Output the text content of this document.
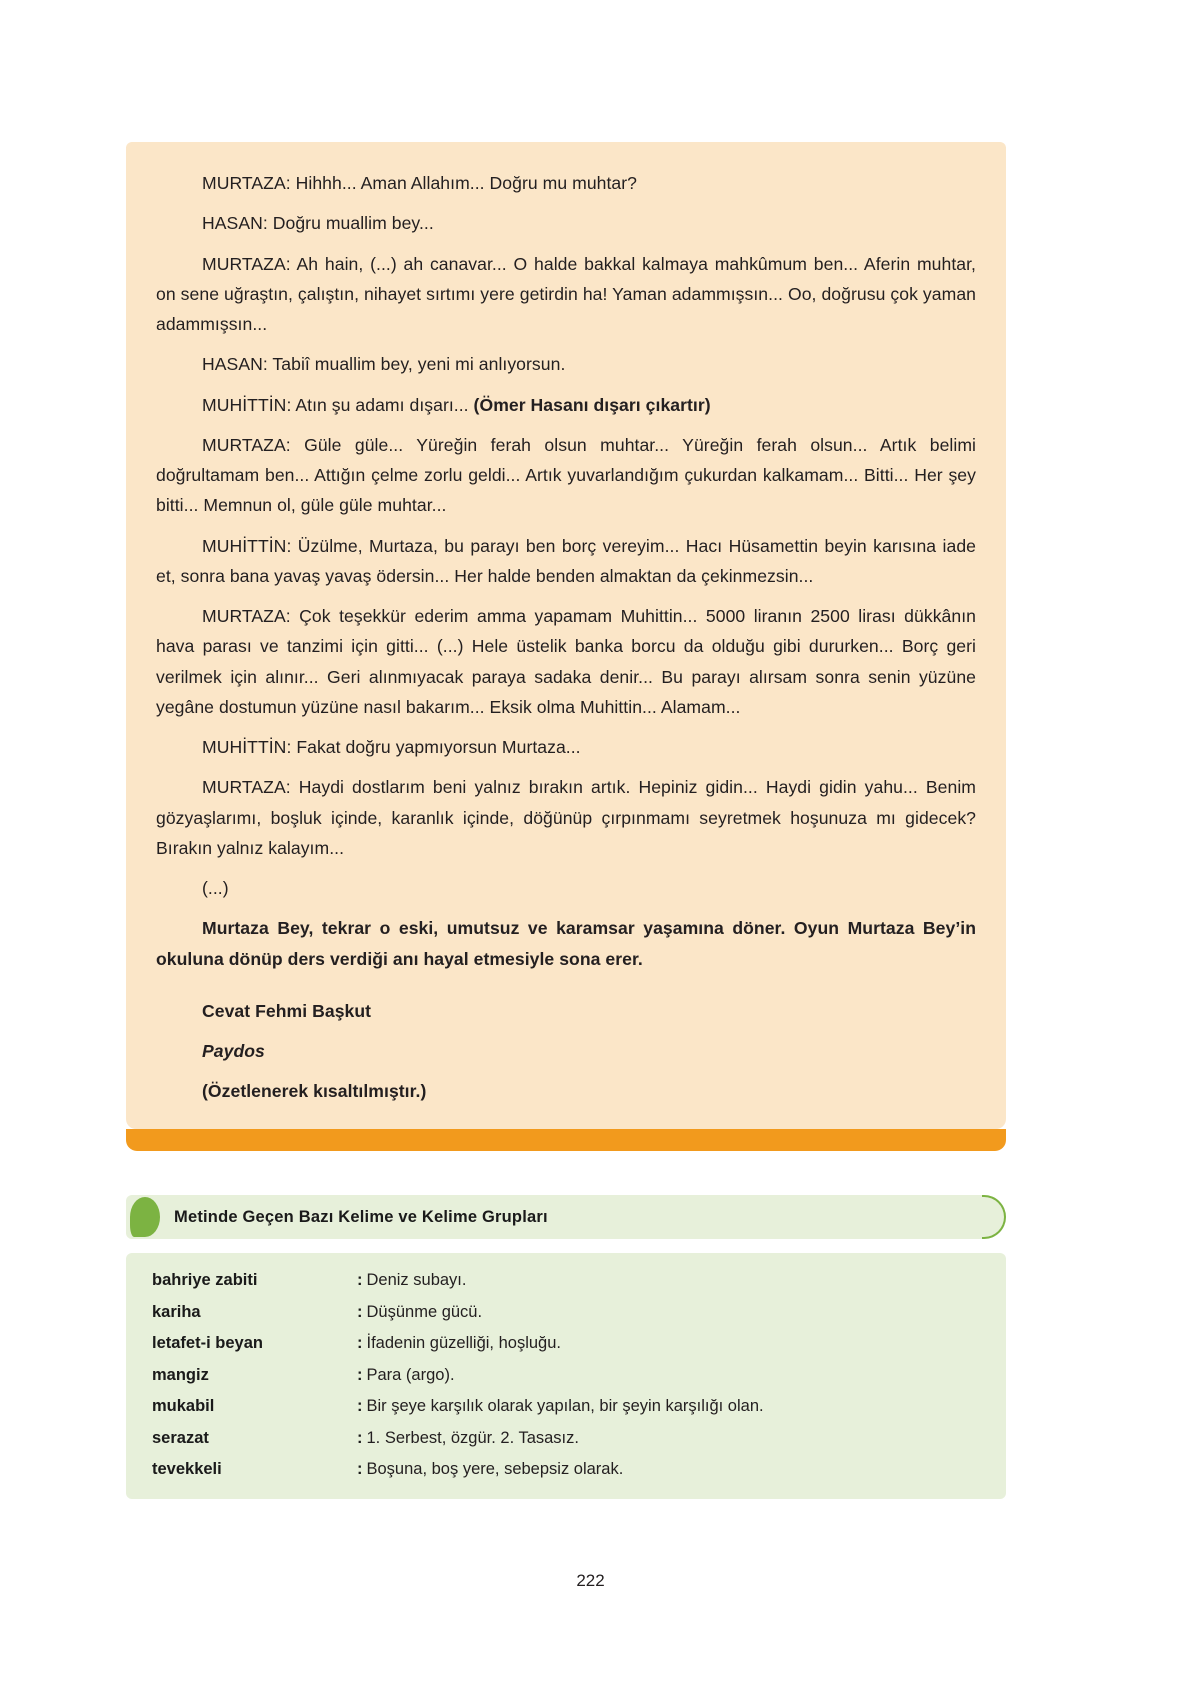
MURTAZA: Hihhh... Aman Allahım... Doğru mu muhtar?

HASAN: Doğru muallim bey...

MURTAZA: Ah hain, (...) ah canavar... O halde bakkal kalmaya mahkûmum ben... Aferin muhtar, on sene uğraştın, çalıştın, nihayet sırtımı yere getirdin ha! Yaman adammışsın... Oo, doğrusu çok yaman adammışsın...

HASAN: Tabiî muallim bey, yeni mi anlıyorsun.

MUHİTTİN: Atın şu adamı dışarı... (Ömer Hasanı dışarı çıkartır)

MURTAZA: Güle güle... Yüreğin ferah olsun muhtar... Yüreğin ferah olsun... Artık belimi doğrultamam ben... Attığın çelme zorlu geldi... Artık yuvarlandığım çukurdan kalkamam... Bitti... Her şey bitti... Memnun ol, güle güle muhtar...

MUHİTTİN: Üzülme, Murtaza, bu parayı ben borç vereyim... Hacı Hüsamettin beyin karısına iade et, sonra bana yavaş yavaş ödersin... Her halde benden almaktan da çekinmezsin...

MURTAZA: Çok teşekkür ederim amma yapamam Muhittin... 5000 liranın 2500 lirası dükkânın hava parası ve tanzimi için gitti... (...) Hele üstelik banka borcu da olduğu gibi dururken... Borç geri verilmek için alınır... Geri alınmıyacak paraya sadaka denir... Bu parayı alırsam sonra senin yüzüne yegâne dostumun yüzüne nasıl bakarım... Eksik olma Muhittin... Alamam...

MUHİTTİN: Fakat doğru yapmıyorsun Murtaza...

MURTAZA: Haydi dostlarım beni yalnız bırakın artık. Hepiniz gidin... Haydi gidin yahu... Benim gözyaşlarımı, boşluk içinde, karanlık içinde, döğünüp çırpınmamı seyretmek hoşunuza mı gidecek? Bırakın yalnız kalayım...

(...)

Murtaza Bey, tekrar o eski, umutsuz ve karamsar yaşamına döner. Oyun Murtaza Bey’in okuluna dönüp ders verdiği anı hayal etmesiyle sona erer.

Cevat Fehmi Başkut

Paydos

(Özetlenerek kısaltılmıştır.)

Metinde Geçen Bazı Kelime ve Kelime Grupları
bahriye zabiti	: Deniz subayı.
kariha	: Düşünme gücü.
letafet-i beyan	: İfadenin güzelliği, hoşluğu.
mangiz	: Para (argo).
mukabil	: Bir şeye karşılık olarak yapılan, bir şeyin karşılığı olan.
serazat	: 1. Serbest, özgür. 2. Tasasız.
tevekkeli	: Boşuna, boş yere, sebepsiz olarak.
222
